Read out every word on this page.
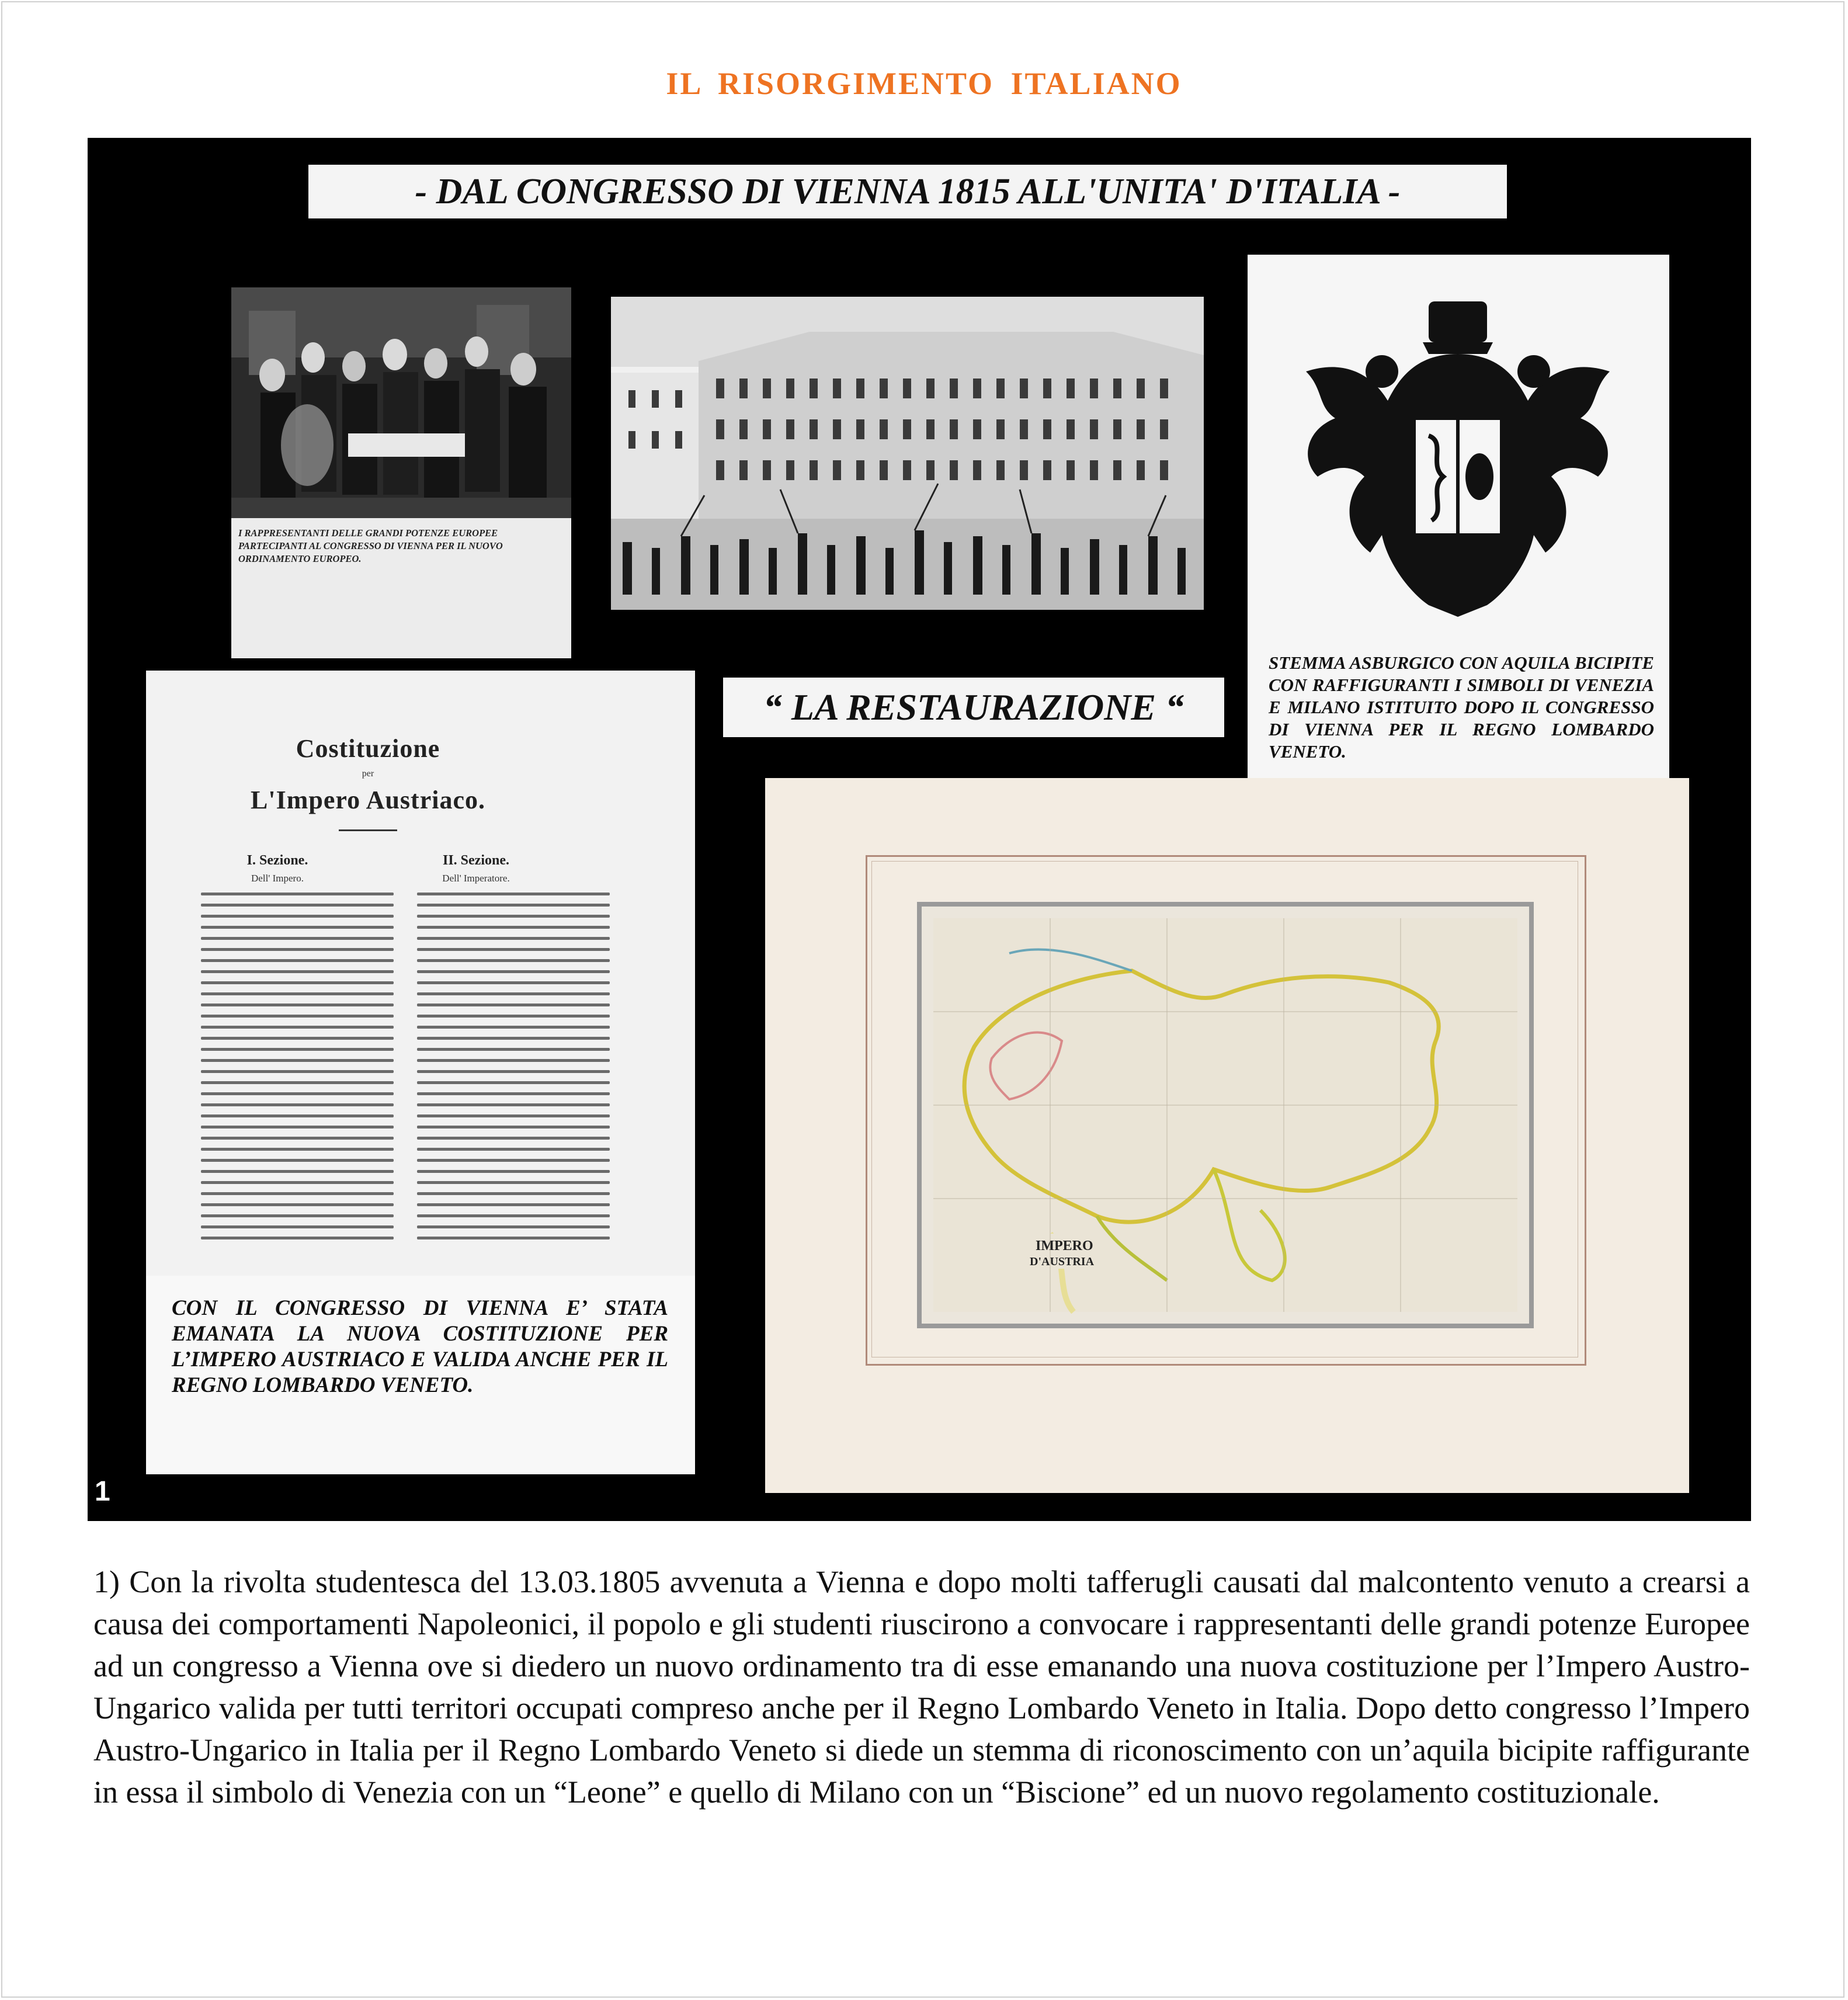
IL RISORGIMENTO ITALIANO
- DAL CONGRESSO DI VIENNA 1815 ALL'UNITA' D'ITALIA -
I RAPPRESENTANTI DELLE GRANDI POTENZE EUROPEE PARTECIPANTI AL CONGRESSO DI VIENNA PER IL NUOVO ORDINAMENTO EUROPEO.
STEMMA ASBURGICO CON AQUILA BICIPITE CON RAFFIGURANTI I SIMBOLI DI VENEZIA E MILANO ISTITUITO DOPO IL CONGRESSO DI VIENNA PER IL REGNO LOMBARDO VENETO.
“ LA RESTAURAZIONE “
Costituzione
per
L'Impero Austriaco.
I. Sezione.
Dell' Impero.
II. Sezione.
Dell' Imperatore.

CON IL CONGRESSO DI VIENNA E’ STATA EMANATA LA NUOVA COSTITUZIONE PER L’IMPERO AUSTRIACO E VALIDA ANCHE PER IL REGNO LOMBARDO VENETO.

IMPERO
D'AUSTRIA
1

1) Con la rivolta studentesca del 13.03.1805 avvenuta a Vienna e dopo molti tafferugli causati dal malcontento venuto a crearsi a causa dei comportamenti Napoleonici, il popolo e gli studenti riuscirono a convocare i rappresentanti delle grandi potenze Europee ad un congresso a Vienna ove si diedero un nuovo ordinamento tra di esse emanando una nuova costituzione per l’Impero Austro-Ungarico valida per tutti territori occupati compreso anche per il Regno Lombardo Veneto in Italia. Dopo detto congresso l’Impero Austro-Ungarico in Italia per il Regno Lombardo Veneto si diede un stemma di riconoscimento con un’aquila bicipite raffigurante in essa il simbolo di Venezia con un “Leone” e quello di Milano con un “Biscione” ed un nuovo regolamento costituzionale.
